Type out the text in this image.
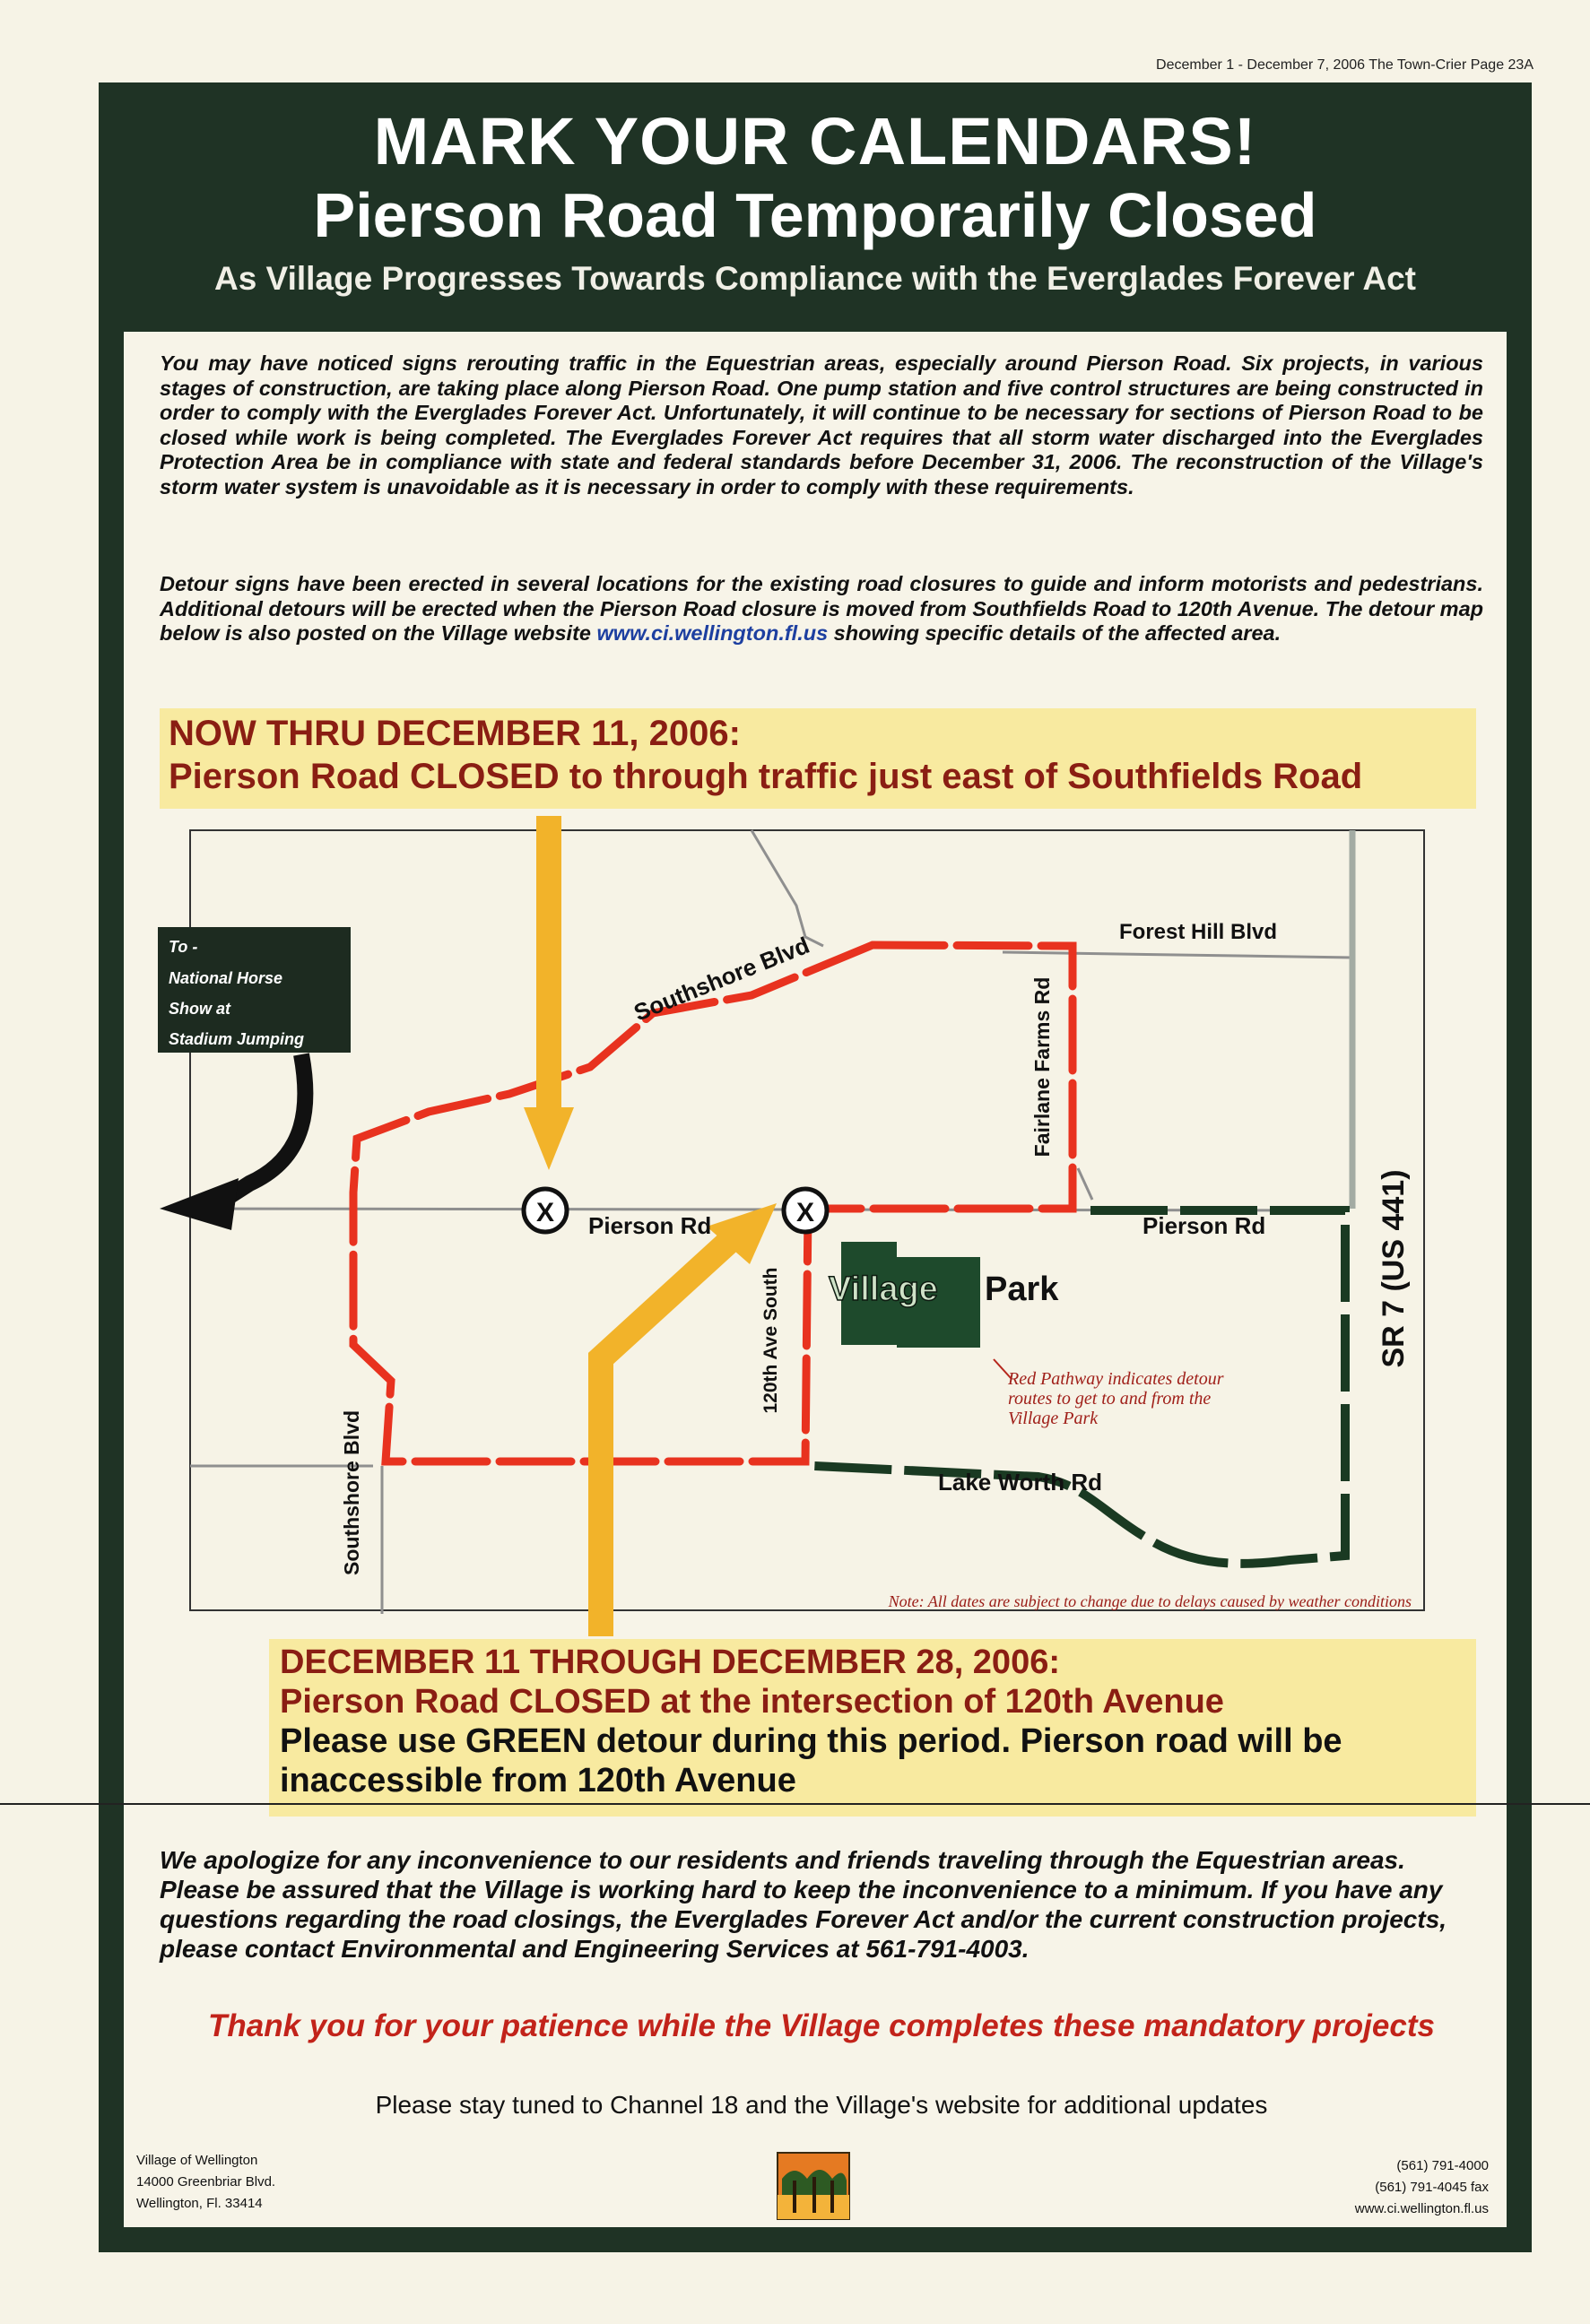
December 1 - December 7, 2006 The Town-Crier Page 23A
MARK YOUR CALENDARS!
Pierson Road Temporarily Closed
As Village Progresses Towards Compliance with the Everglades Forever Act

You may have noticed signs rerouting traffic in the Equestrian areas, especially around Pierson Road. Six projects, in various stages of construction, are taking place along Pierson Road. One pump station and five control structures are being constructed in order to comply with the Everglades Forever Act. Unfortunately, it will continue to be necessary for sections of Pierson Road to be closed while work is being completed. The Everglades Forever Act requires that all storm water discharged into the Everglades Protection Area be in compliance with state and federal standards before December 31, 2006. The reconstruction of the Village's storm water system is unavoidable as it is necessary in order to comply with these requirements.

Detour signs have been erected in several locations for the existing road closures to guide and inform motorists and pedestrians. Additional detours will be erected when the Pierson Road closure is moved from Southfields Road to 120th Avenue. The detour map below is also posted on the Village website www.ci.wellington.fl.us showing specific details of the affected area.

NOW THRU DECEMBER 11, 2006:
Pierson Road CLOSED to through traffic just east of Southfields Road
To -
National Horse
Show at
Stadium Jumping
X	X
Village Park
Red Pathway indicates detour
routes to get to and from the
Village Park
Southshore Blvd	Forest Hill Blvd
Fairlane Farms Rd
Pierson Rd	Pierson Rd	SR 7 (US 441)
120th Ave South
Southshore Blvd	Lake Worth Rd
Note: All dates are subject to change due to delays caused by weather conditions
DECEMBER 11 THROUGH DECEMBER 28, 2006:
Pierson Road CLOSED at the intersection of 120th Avenue
Please use GREEN detour during this period. Pierson road will be
inaccessible from 120th Avenue

We apologize for any inconvenience to our residents and friends traveling through the Equestrian areas. Please be assured that the Village is working hard to keep the inconvenience to a minimum. If you have any questions regarding the road closings, the Everglades Forever Act and/or the current construction projects, please contact Environmental and Engineering Services at 561-791-4003.

Thank you for your patience while the Village completes these mandatory projects
Please stay tuned to Channel 18 and the Village's website for additional updates
Village of Wellington
14000 Greenbriar Blvd.
Wellington, Fl. 33414
(561) 791-4000
(561) 791-4045 fax
www.ci.wellington.fl.us
